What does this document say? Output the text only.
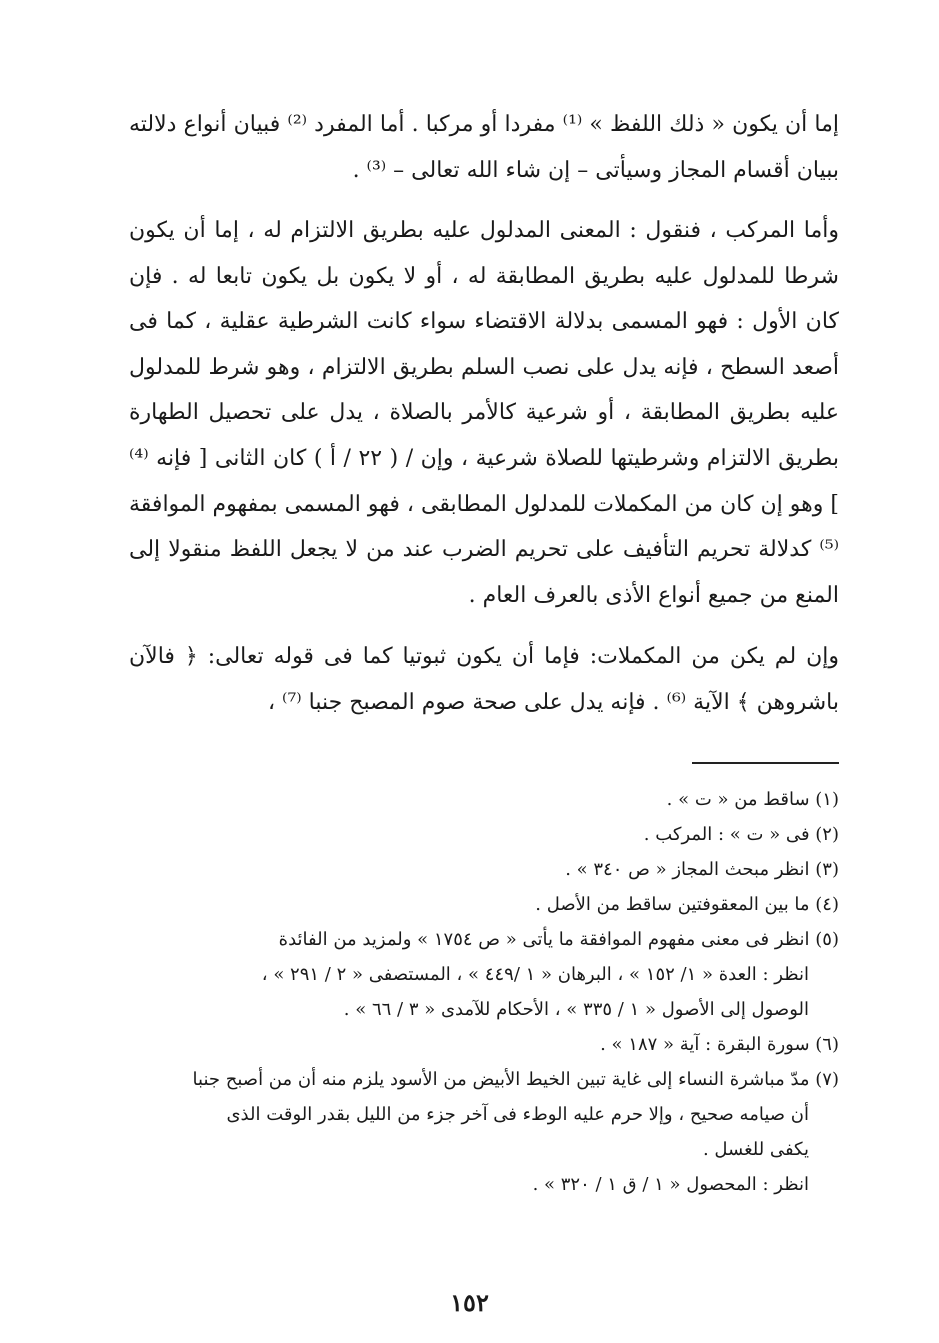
إما أن يكون « ذلك اللفظ » ⁽¹⁾ مفردا أو مركبا . أما المفرد ⁽²⁾ فبيان أنواع دلالته ببيان أقسام المجاز وسيأتى – إن شاء الله تعالى – ⁽³⁾ .

وأما المركب ، فنقول : المعنى المدلول عليه بطريق الالتزام له ، إما أن يكون شرطا للمدلول عليه بطريق المطابقة له ، أو لا يكون بل يكون تابعا له . فإن كان الأول : فهو المسمى بدلالة الاقتضاء سواء كانت الشرطية عقلية ، كما فى أصعد السطح ، فإنه يدل على نصب السلم بطريق الالتزام ، وهو شرط للمدلول عليه بطريق المطابقة ، أو شرعية كالأمر بالصلاة ، يدل على تحصيل الطهارة بطريق الالتزام وشرطيتها للصلاة شرعية ، وإن / ( ٢٢ / أ ) كان الثانى [ فإنه ⁽⁴⁾ ] وهو إن كان من المكملات للمدلول المطابقى ، فهو المسمى بمفهوم الموافقة ⁽⁵⁾ كدلالة تحريم التأفيف على تحريم الضرب عند من لا يجعل اللفظ منقولا إلى المنع من جميع أنواع الأذى بالعرف العام .

وإن لم يكن من المكملات: فإما أن يكون ثبوتيا كما فى قوله تعالى: ﴿ فالآن باشروهن ﴾ الآية ⁽⁶⁾ . فإنه يدل على صحة صوم المصبح جنبا ⁽⁷⁾ ،

(١) ساقط من « ت » .

(٢) فى « ت » : المركب .

(٣) انظر مبحث المجاز « ص ٣٤٠ » .

(٤) ما بين المعقوفتين ساقط من الأصل .

(٥) انظر فى معنى مفهوم الموافقة ما يأتى « ص ١٧٥٤ » ولمزيد من الفائدة

انظر : العدة « ١/ ١٥٢ » ، البرهان « ١ /٤٤٩ » ، المستصفى « ٢ / ٢٩١ » ،

الوصول إلى الأصول « ١ / ٣٣٥ » ، الأحكام للآمدى « ٣ / ٦٦ » .

(٦) سورة البقرة : آية « ١٨٧ » .

(٧) مدّ مباشرة النساء إلى غاية تبين الخيط الأبيض من الأسود يلزم منه أن من أصبح جنبا

أن صيامه صحيح ، وإلا حرم عليه الوطء فى آخر جزء من الليل بقدر الوقت الذى

يكفى للغسل .

انظر : المحصول « ١ / ق ١ / ٣٢٠ » .

١٥٢
